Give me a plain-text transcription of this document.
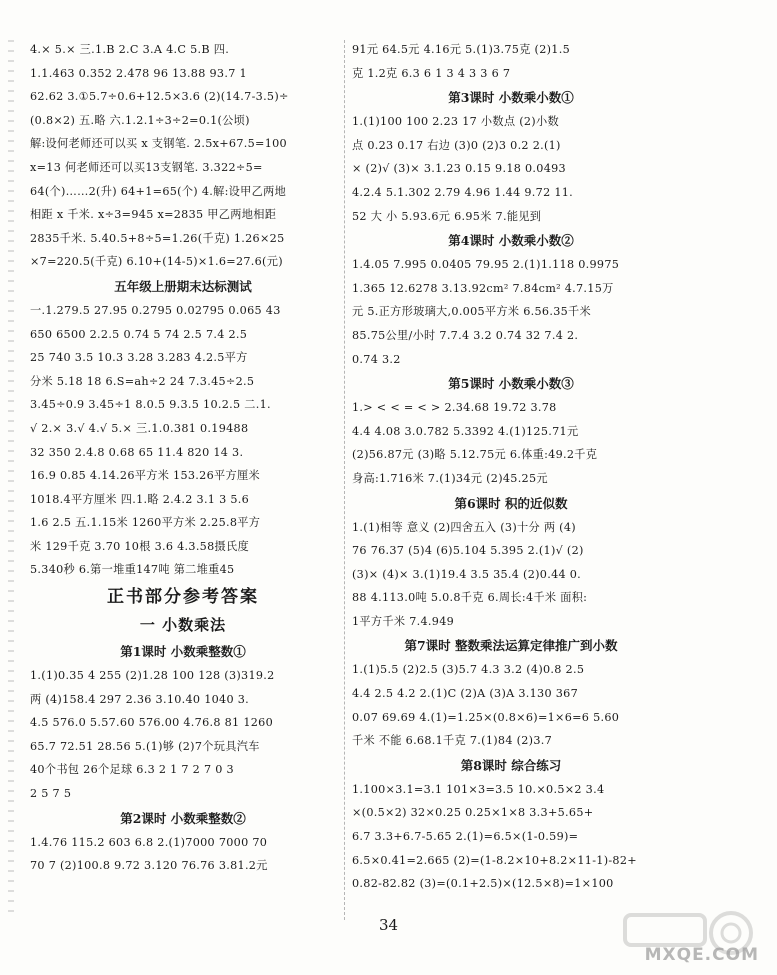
4.× 5.× 三.1.B 2.C 3.A 4.C 5.B 四.
1.1.463 0.352 2.478 96 13.88 93.7 1
62.62 3.①5.7÷0.6+12.5×3.6 (2)(14.7-3.5)÷
(0.8×2) 五.略 六.1.2.1÷3÷2=0.1(公顷)
解:设何老师还可以买 x 支钢笔. 2.5x+67.5=100
x=13 何老师还可以买13支钢笔. 3.322÷5=
64(个)……2(升) 64+1=65(个) 4.解:设甲乙两地
相距 x 千米. x÷3=945 x=2835 甲乙两地相距
2835千米. 5.40.5+8÷5=1.26(千克) 1.26×25
×7=220.5(千克) 6.10+(14-5)×1.6=27.6(元)
五年级上册期末达标测试
一.1.279.5 27.95 0.2795 0.02795 0.065 43
650 6500 2.2.5 0.74 5 74 2.5 7.4 2.5
25 740 3.5 10.3 3.28 3.283 4.2.5平方
分米 5.18 18 6.S=ah÷2 24 7.3.45÷2.5
3.45÷0.9 3.45÷1 8.0.5 9.3.5 10.2.5 二.1.
√ 2.× 3.√ 4.√ 5.× 三.1.0.381 0.19488
32 350 2.4.8 0.68 65 11.4 820 14 3.
16.9 0.85 4.14.26平方米 153.26平方厘米
1018.4平方厘米 四.1.略 2.4.2 3.1 3 5.6
1.6 2.5 五.1.15米 1260平方米 2.25.8平方
米 129千克 3.70 10根 3.6 4.3.58摄氏度
5.340秒 6.第一堆重147吨 第二堆重45
正书部分参考答案
一 小数乘法
第1课时 小数乘整数①
1.(1)0.35 4 255 (2)1.28 100 128 (3)319.2
两 (4)158.4 297 2.36 3.10.40 1040 3.
4.5 576.0 5.57.60 576.00 4.76.8 81 1260
65.7 72.51 28.56 5.(1)够 (2)7个玩具汽车
40个书包 26个足球 6.3 2 1 7 2 7 0 3
2 5 7 5
第2课时 小数乘整数②
1.4.76 115.2 603 6.8 2.(1)7000 7000 70
70 7 (2)100.8 9.72 3.120 76.76 3.81.2元
91元 64.5元 4.16元 5.(1)3.75克 (2)1.5
克 1.2克 6.3 6 1 3 4 3 3 6 7
第3课时 小数乘小数①
1.(1)100 100 2.23 17 小数点 (2)小数
点 0.23 0.17 右边 (3)0 (2)3 0.2 2.(1)
× (2)√ (3)× 3.1.23 0.15 9.18 0.0493
4.2.4 5.1.302 2.79 4.96 1.44 9.72 11.
52 大 小 5.93.6元 6.95米 7.能见到
第4课时 小数乘小数②
1.4.05 7.995 0.0405 79.95 2.(1)1.118 0.9975
1.365 12.6278 3.13.92cm² 7.84cm² 4.7.15万
元 5.正方形玻璃大,0.005平方米 6.56.35千米
85.75公里/小时 7.7.4 3.2 0.74 32 7.4 2.
0.74 3.2
第5课时 小数乘小数③
1.> < < = < > 2.34.68 19.72 3.78
4.4 4.08 3.0.782 5.3392 4.(1)125.71元
(2)56.87元 (3)略 5.12.75元 6.体重:49.2千克
身高:1.716米 7.(1)34元 (2)45.25元
第6课时 积的近似数
1.(1)相等 意义 (2)四舍五入 (3)十分 两 (4)
76 76.37 (5)4 (6)5.104 5.395 2.(1)√ (2)
(3)× (4)× 3.(1)19.4 3.5 35.4 (2)0.44 0.
88 4.113.0吨 5.0.8千克 6.周长:4千米 面积:
1平方千米 7.4.949
第7课时 整数乘法运算定律推广到小数
1.(1)5.5 (2)2.5 (3)5.7 4.3 3.2 (4)0.8 2.5
4.4 2.5 4.2 2.(1)C (2)A (3)A 3.130 367
0.07 69.69 4.(1)=1.25×(0.8×6)=1×6=6 5.60
千米 不能 6.68.1千克 7.(1)84 (2)3.7
第8课时 综合练习
1.100×3.1=3.1 101×3=3.5 10.×0.5×2 3.4
×(0.5×2) 32×0.25 0.25×1×8 3.3+5.65+
6.7 3.3+6.7-5.65 2.(1)=6.5×(1-0.59)=
6.5×0.41=2.665 (2)=(1-8.2×10+8.2×11-1)-82+
0.82-82.82 (3)=(0.1+2.5)×(12.5×8)=1×100
34
MXQE.COM
